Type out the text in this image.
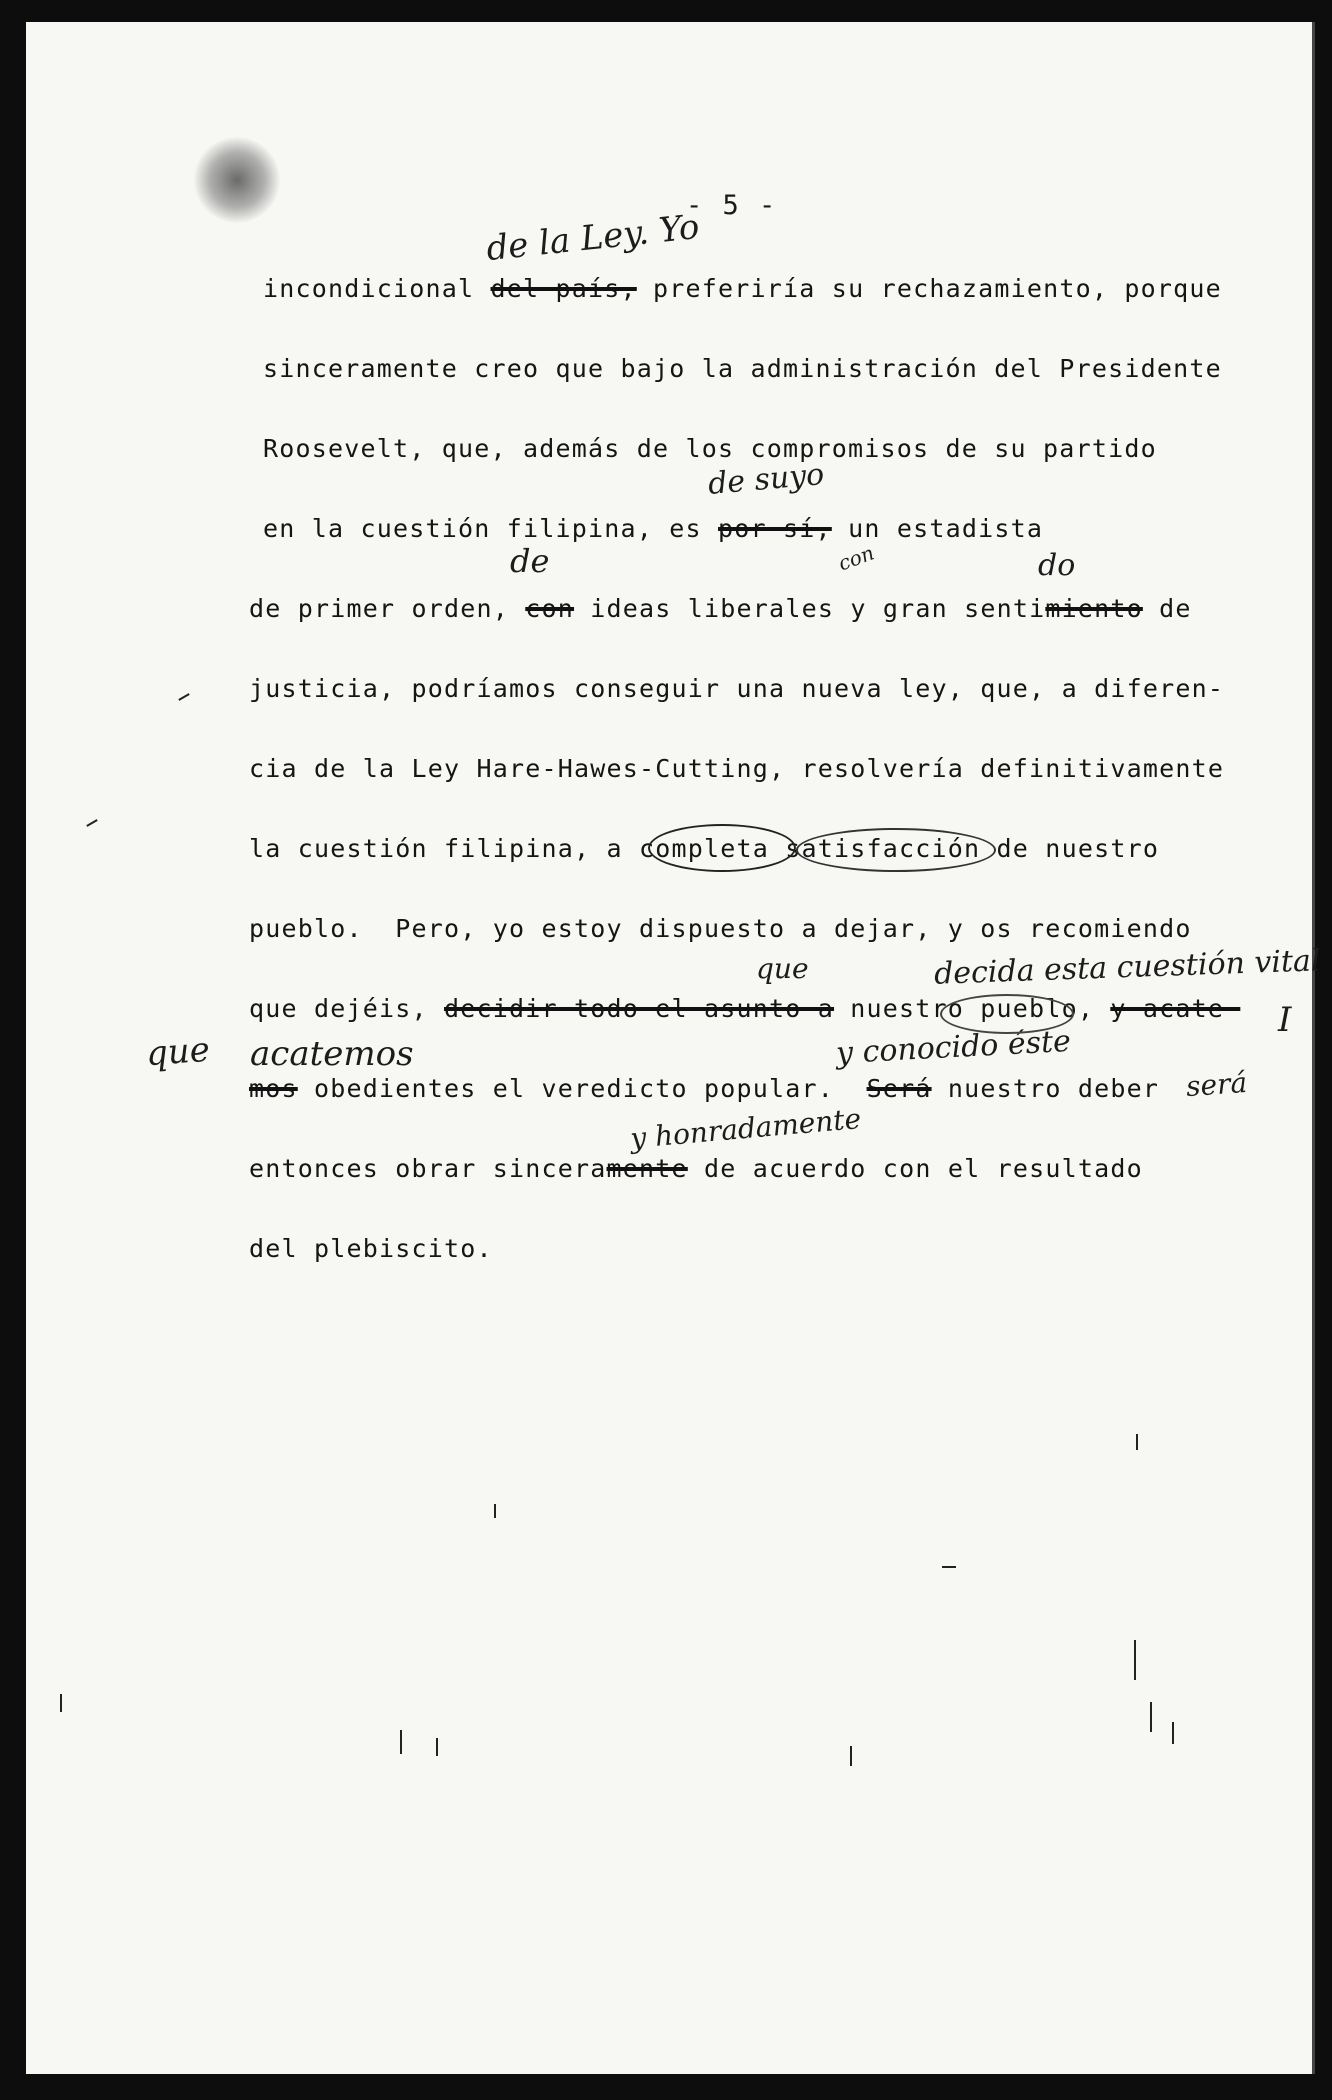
- 5 -
incondicional del país, preferiría su rechazamiento, porque
sinceramente creo que bajo la administración del Presidente
Roosevelt, que, además de los compromisos de su partido
en la cuestión filipina, es por sí, un estadista
de primer orden, con ideas liberales y gran sentimiento de
justicia, podríamos conseguir una nueva ley, que, a diferen-
cia de la Ley Hare-Hawes-Cutting, resolvería definitivamente
la cuestión filipina, a completa satisfacción de nuestro
pueblo.  Pero, yo estoy dispuesto a dejar, y os recomiendo
que dejéis, decidir todo el asunto a nuestro pueblo, y acate-
mos obedientes el veredicto popular.  Será nuestro deber
entonces obrar sinceramente de acuerdo con el resultado
del plebiscito.
de la Ley. Yo
de suyo
de	con	do
que	decida esta cuestión vital
que acatemos	y conocido éste
será
y honradamente
I
